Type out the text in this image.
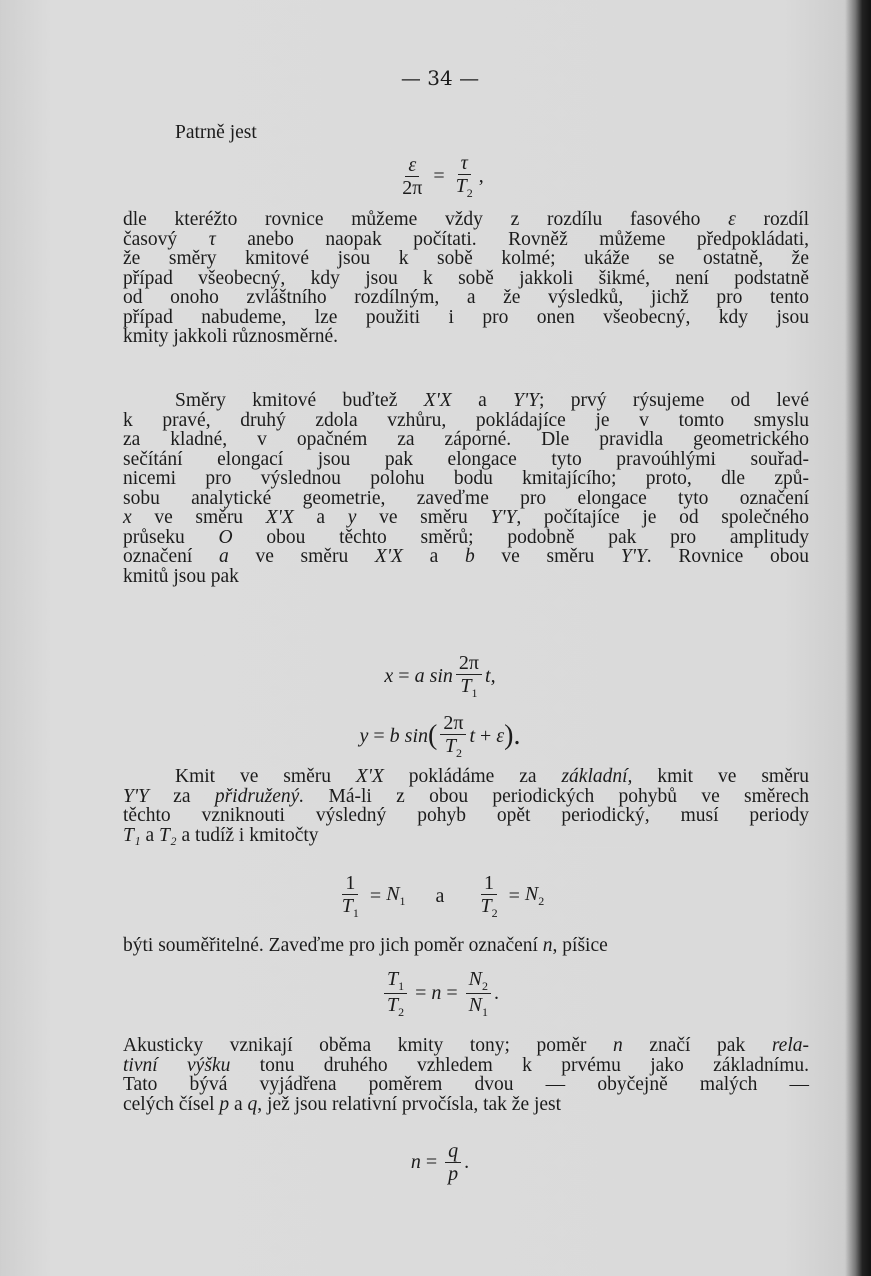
— 34 —
Patrně jest
$\frac{\varepsilon}{2\pi} = \frac{\tau}{T_2}$ ,
dle kteréžto rovnice můžeme vždy z rozdílu fasového ε rozdíl
časový τ anebo naopak počítati. Rovněž můžeme předpokládati,
že směry kmitové jsou k sobě kolmé; ukáže se ostatně, že
případ všeobecný, kdy jsou k sobě jakkoli šikmé, není podstatně
od onoho zvláštního rozdílným, a že výsledků, jichž pro tento
případ nabudeme, lze použiti i pro onen všeobecný, kdy jsou
kmity jakkoli různosměrné.
Směry kmitové buďtež X'X a Y'Y; prvý rýsujeme od levé
k pravé, druhý zdola vzhůru, pokládajíce je v tomto smyslu
za kladné, v opačném za záporné. Dle pravidla geometrického
sečítání elongací jsou pak elongace tyto pravoúhlými souřad-
nicemi pro výslednou polohu bodu kmitajícího; proto, dle způ-
sobu analytické geometrie, zaveďme pro elongace tyto označení
x ve směru X'X a y ve směru Y'Y, počítajíce je od společného
průseku O obou těchto směrů; podobně pak pro amplitudy
označení a ve směru X'X a b ve směru Y'Y. Rovnice obou
kmitů jsou pak
x = a $\sin \frac{2\pi}{T_1} t$,
y = b sin ( $\frac{2\pi}{T_2}$ t + ε ).
Kmit ve směru X'X pokládáme za základní, kmit ve směru
Y'Y za přidružený. Má-li z obou periodických pohybů ve směrech
těchto vzniknouti výsledný pohyb opět periodický, musí periody
T₁ a T₂ a tudíž i kmitočty
$\frac{1}{T_1} = N_1$ a $\frac{1}{T_2} = N_2$
býti souměřitelné. Zaveďme pro jich poměr označení n, píšice
$\frac{T_1}{T_2} = n = \frac{N_2}{N_1}$ .
Akusticky vznikají oběma kmity tony; poměr n značí pak rela-
tivní výšku tonu druhého vzhledem k prvému jako základnímu.
Tato bývá vyjádřena poměrem dvou — obyčejně malých —
celých čísel p a q, jež jsou relativní prvočísla, tak že jest
$n = \frac{q}{p}$ .
